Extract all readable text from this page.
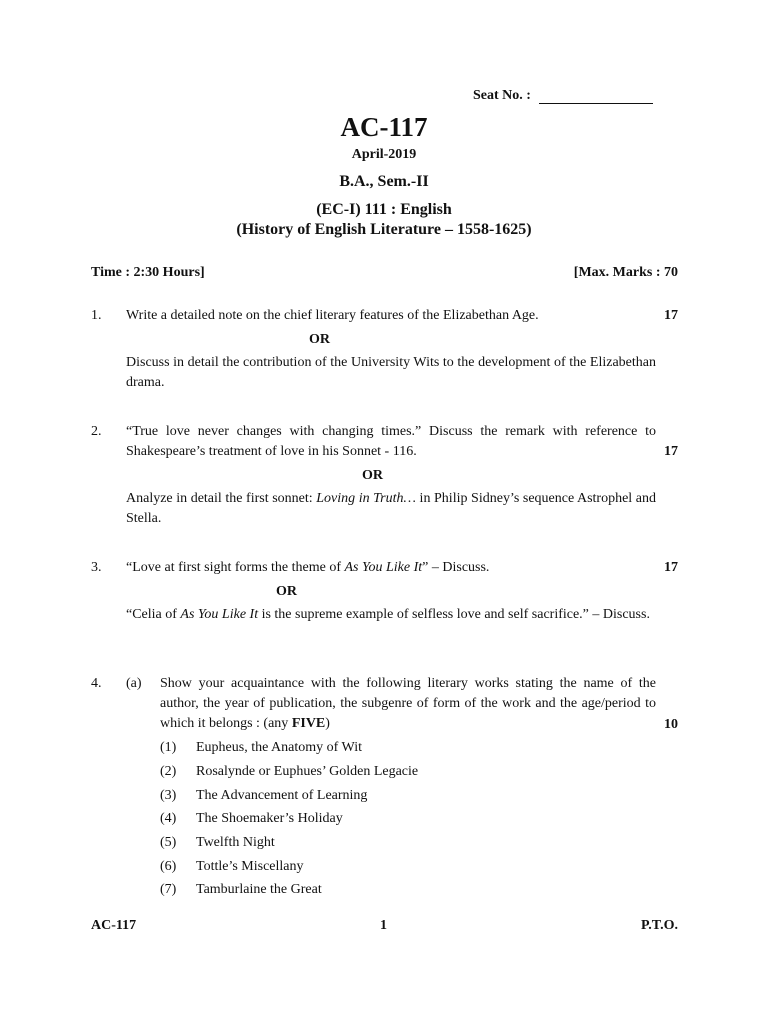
Seat No. :
AC-117
April-2019
B.A., Sem.-II
(EC-I) 111 : English
(History of English Literature – 1558-1625)
Time : 2:30 Hours]	[Max. Marks : 70
1. Write a detailed note on the chief literary features of the Elizabethan Age.	17
OR
Discuss in detail the contribution of the University Wits to the development of the Elizabethan drama.
2. “True love never changes with changing times.” Discuss the remark with reference to Shakespeare’s treatment of love in his Sonnet - 116.	17
OR
Analyze in detail the first sonnet: Loving in Truth… in Philip Sidney’s sequence Astrophel and Stella.
3. “Love at first sight forms the theme of As You Like It” – Discuss.	17
OR
“Celia of As You Like It is the supreme example of selfless love and self sacrifice.” – Discuss.
4. (a) Show your acquaintance with the following literary works stating the name of the author, the year of publication, the subgenre of form of the work and the age/period to which it belongs : (any FIVE)	10
(1) Eupheus, the Anatomy of Wit
(2) Rosalynde or Euphues’ Golden Legacie
(3) The Advancement of Learning
(4) The Shoemaker’s Holiday
(5) Twelfth Night
(6) Tottle’s Miscellany
(7) Tamburlaine the Great
AC-117	1	P.T.O.
